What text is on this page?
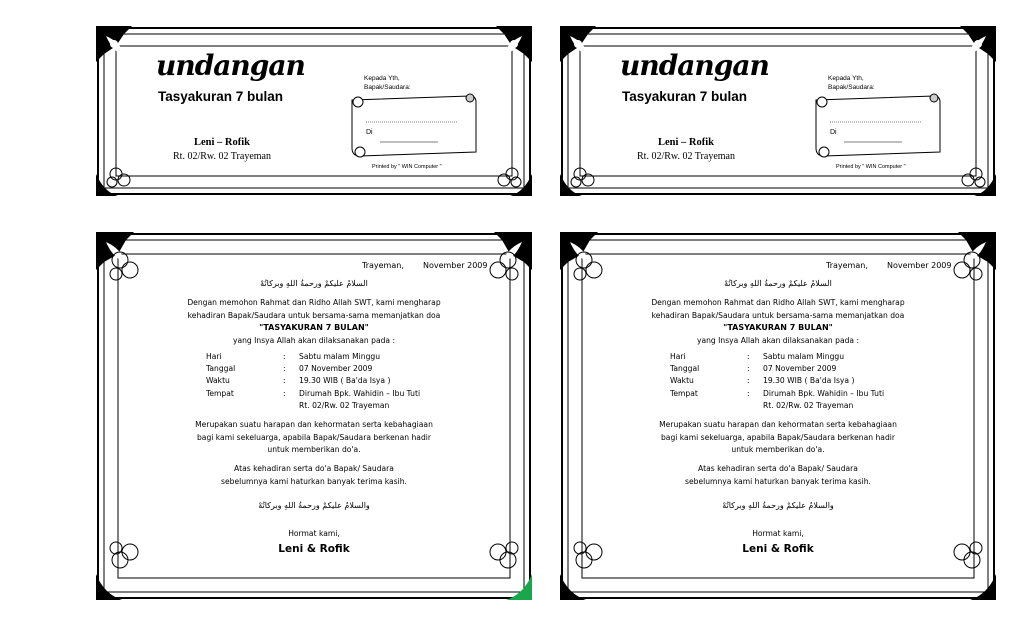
undangan
Tasyakuran 7 bulan
Leni – Rofik
Rt. 02/Rw. 02 Trayeman
Kepada Yth,
Bapak/Saudara:
Di
Printed by " WIN Computer "
undangan
Tasyakuran 7 bulan
Leni – Rofik
Rt. 02/Rw. 02 Trayeman
Kepada Yth,
Bapak/Saudara:
Di
Printed by " WIN Computer "
Trayeman, November 2009
السلامُ عليكمْ ورحمةُ اللهِ وبركاتُهْ
Dengan memohon Rahmat dan Ridho Allah SWT, kami mengharap
kehadiran Bapak/Saudara untuk bersama-sama memanjatkan doa
"TASYAKURAN 7 BULAN"
yang Insya Allah akan dilaksanakan pada :
Hari	:	Sabtu malam Minggu
Tanggal	:	07 November 2009
Waktu	:	19.30 WIB ( Ba'da Isya )
Tempat	:	Dirumah Bpk. Wahidin – Ibu Tuti
Rt. 02/Rw. 02 Trayeman
Merupakan suatu harapan dan kehormatan serta kebahagiaan
bagi kami sekeluarga, apabila Bapak/Saudara berkenan hadir
untuk memberikan do'a.
Atas kehadiran serta do'a Bapak/ Saudara
sebelumnya kami haturkan banyak terima kasih.
والسلامُ عليكمْ ورحمةُ اللهِ وبركاتُهْ
Hormat kami,
Leni & Rofik
Trayeman, November 2009
السلامُ عليكمْ ورحمةُ اللهِ وبركاتُهْ
Dengan memohon Rahmat dan Ridho Allah SWT, kami mengharap
kehadiran Bapak/Saudara untuk bersama-sama memanjatkan doa
"TASYAKURAN 7 BULAN"
yang Insya Allah akan dilaksanakan pada :
Hari	:	Sabtu malam Minggu
Tanggal	:	07 November 2009
Waktu	:	19.30 WIB ( Ba'da Isya )
Tempat	:	Dirumah Bpk. Wahidin – Ibu Tuti
Rt. 02/Rw. 02 Trayeman
Merupakan suatu harapan dan kehormatan serta kebahagiaan
bagi kami sekeluarga, apabila Bapak/Saudara berkenan hadir
untuk memberikan do'a.
Atas kehadiran serta do'a Bapak/ Saudara
sebelumnya kami haturkan banyak terima kasih.
والسلامُ عليكمْ ورحمةُ اللهِ وبركاتُهْ
Hormat kami,
Leni & Rofik
